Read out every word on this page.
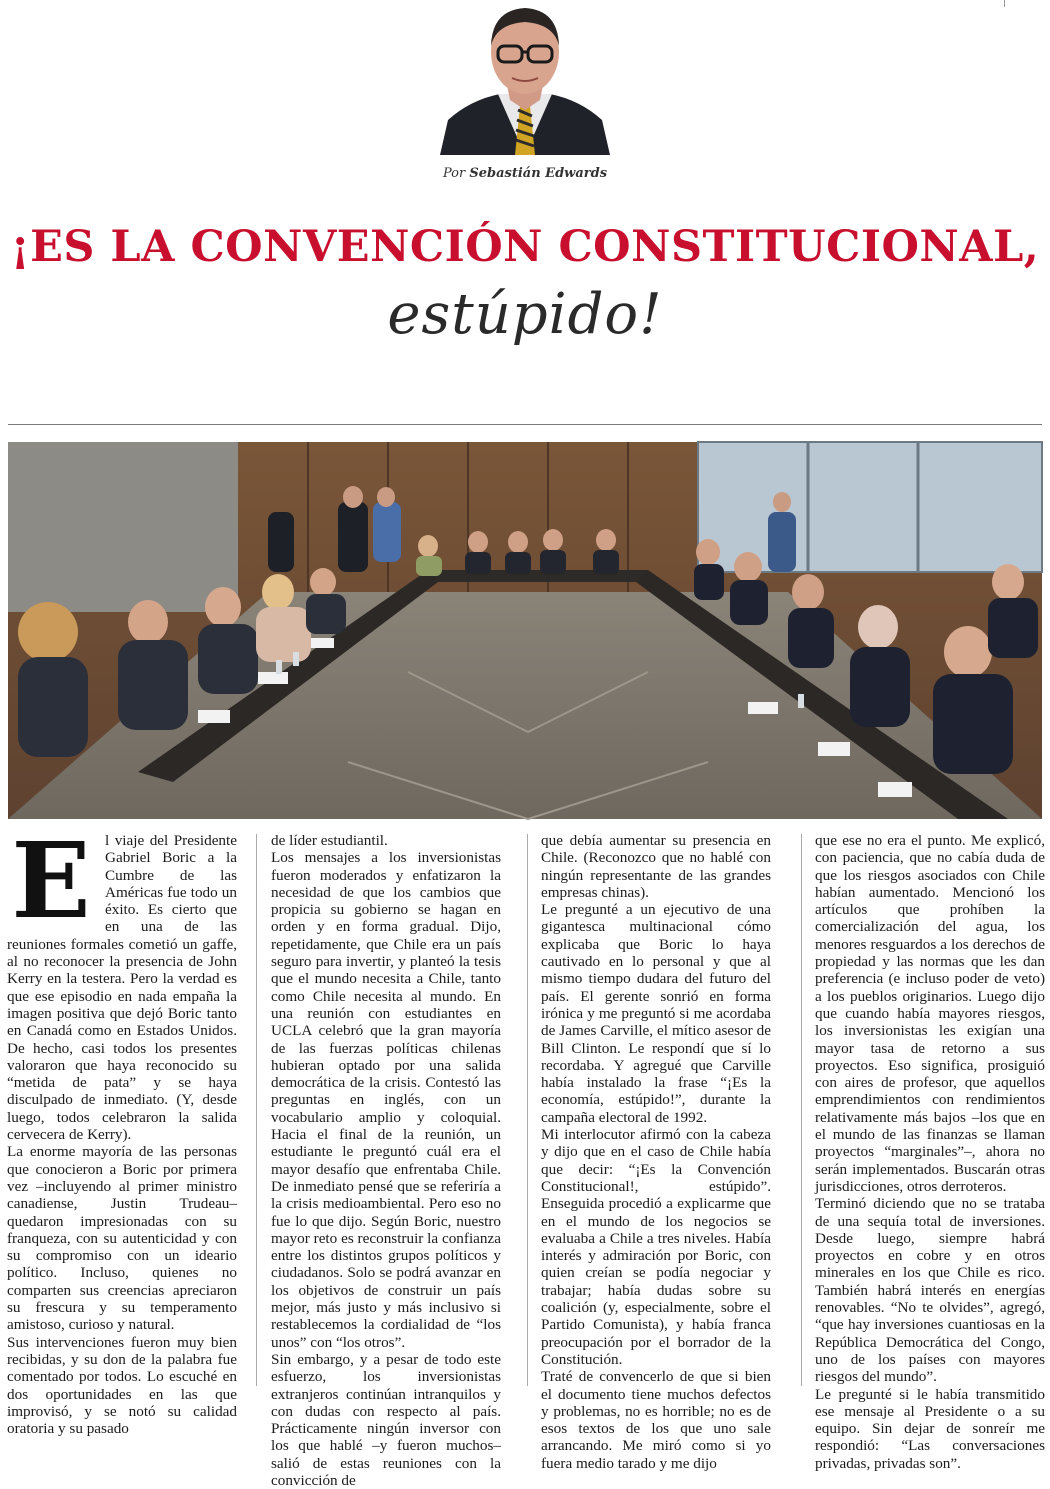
Por Sebastián Edwards
¡ES LA CONVENCIÓN CONSTITUCIONAL,
estúpido!
E l viaje del Presidente Gabriel Boric a la Cumbre de las Américas fue todo un éxito. Es cierto que en una de las reuniones formales cometió un gaffe, al no reconocer la presencia de John Kerry en la testera. Pero la verdad es que ese episodio en nada empaña la imagen positiva que dejó Boric tanto en Canadá como en Estados Unidos. De hecho, casi todos los presentes valoraron que haya reconocido su “metida de pata” y se haya disculpado de inmediato. (Y, desde luego, todos celebraron la salida cervecera de Kerry).

La enorme mayoría de las personas que conocieron a Boric por primera vez –incluyendo al primer ministro canadiense, Justin Trudeau– quedaron impresionadas con su franqueza, con su autenticidad y con su compromiso con un ideario político. Incluso, quienes no comparten sus creencias apreciaron su frescura y su temperamento amistoso, curioso y natural.

Sus intervenciones fueron muy bien recibidas, y su don de la palabra fue comentado por todos. Lo escuché en dos oportunidades en las que improvisó, y se notó su calidad oratoria y su pasado

de líder estudiantil.

Los mensajes a los inversionistas fueron moderados y enfatizaron la necesidad de que los cambios que propicia su gobierno se hagan en orden y en forma gradual. Dijo, repetidamente, que Chile era un país seguro para invertir, y planteó la tesis que el mundo necesita a Chile, tanto como Chile necesita al mundo. En una reunión con estudiantes en UCLA celebró que la gran mayoría de las fuerzas políticas chilenas hubieran optado por una salida democrática de la crisis. Contestó las preguntas en inglés, con un vocabulario amplio y coloquial. Hacia el final de la reunión, un estudiante le preguntó cuál era el mayor desafío que enfrentaba Chile. De inmediato pensé que se referiría a la crisis medioambiental. Pero eso no fue lo que dijo. Según Boric, nuestro mayor reto es reconstruir la confianza entre los distintos grupos políticos y ciudadanos. Solo se podrá avanzar en los objetivos de construir un país mejor, más justo y más inclusivo si restablecemos la cordialidad de “los unos” con “los otros”.

Sin embargo, y a pesar de todo este esfuerzo, los inversionistas extranjeros continúan intranquilos y con dudas con respecto al país. Prácticamente ningún inversor con los que hablé –y fueron muchos– salió de estas reuniones con la convicción de

que debía aumentar su presencia en Chile. (Reconozco que no hablé con ningún representante de las grandes empresas chinas).

Le pregunté a un ejecutivo de una gigantesca multinacional cómo explicaba que Boric lo haya cautivado en lo personal y que al mismo tiempo dudara del futuro del país. El gerente sonrió en forma irónica y me preguntó si me acordaba de James Carville, el mítico asesor de Bill Clinton. Le respondí que sí lo recordaba. Y agregué que Carville había instalado la frase “¡Es la economía, estúpido!”, durante la campaña electoral de 1992.

Mi interlocutor afirmó con la cabeza y dijo que en el caso de Chile había que decir: “¡Es la Convención Constitucional!, estúpido”. Enseguida procedió a explicarme que en el mundo de los negocios se evaluaba a Chile a tres niveles. Había interés y admiración por Boric, con quien creían se podía negociar y trabajar; había dudas sobre su coalición (y, especialmente, sobre el Partido Comunista), y había franca preocupación por el borrador de la Constitución.

Traté de convencerlo de que si bien el documento tiene muchos defectos y problemas, no es horrible; no es de esos textos de los que uno sale arrancando. Me miró como si yo fuera medio tarado y me dijo

que ese no era el punto. Me explicó, con paciencia, que no cabía duda de que los riesgos asociados con Chile habían aumentado. Mencionó los artículos que prohíben la comercialización del agua, los menores resguardos a los derechos de propiedad y las normas que les dan preferencia (e incluso poder de veto) a los pueblos originarios. Luego dijo que cuando había mayores riesgos, los inversionistas les exigían una mayor tasa de retorno a sus proyectos. Eso significa, prosiguió con aires de profesor, que aquellos emprendimientos con rendimientos relativamente más bajos –los que en el mundo de las finanzas se llaman proyectos “marginales”–, ahora no serán implementados. Buscarán otras jurisdicciones, otros derroteros.

Terminó diciendo que no se trataba de una sequía total de inversiones. Desde luego, siempre habrá proyectos en cobre y en otros minerales en los que Chile es rico. También habrá interés en energías renovables. “No te olvides”, agregó, “que hay inversiones cuantiosas en la República Democrática del Congo, uno de los países con mayores riesgos del mundo”.

Le pregunté si le había transmitido ese mensaje al Presidente o a su equipo. Sin dejar de sonreír me respondió: “Las conversaciones privadas, privadas son”.
